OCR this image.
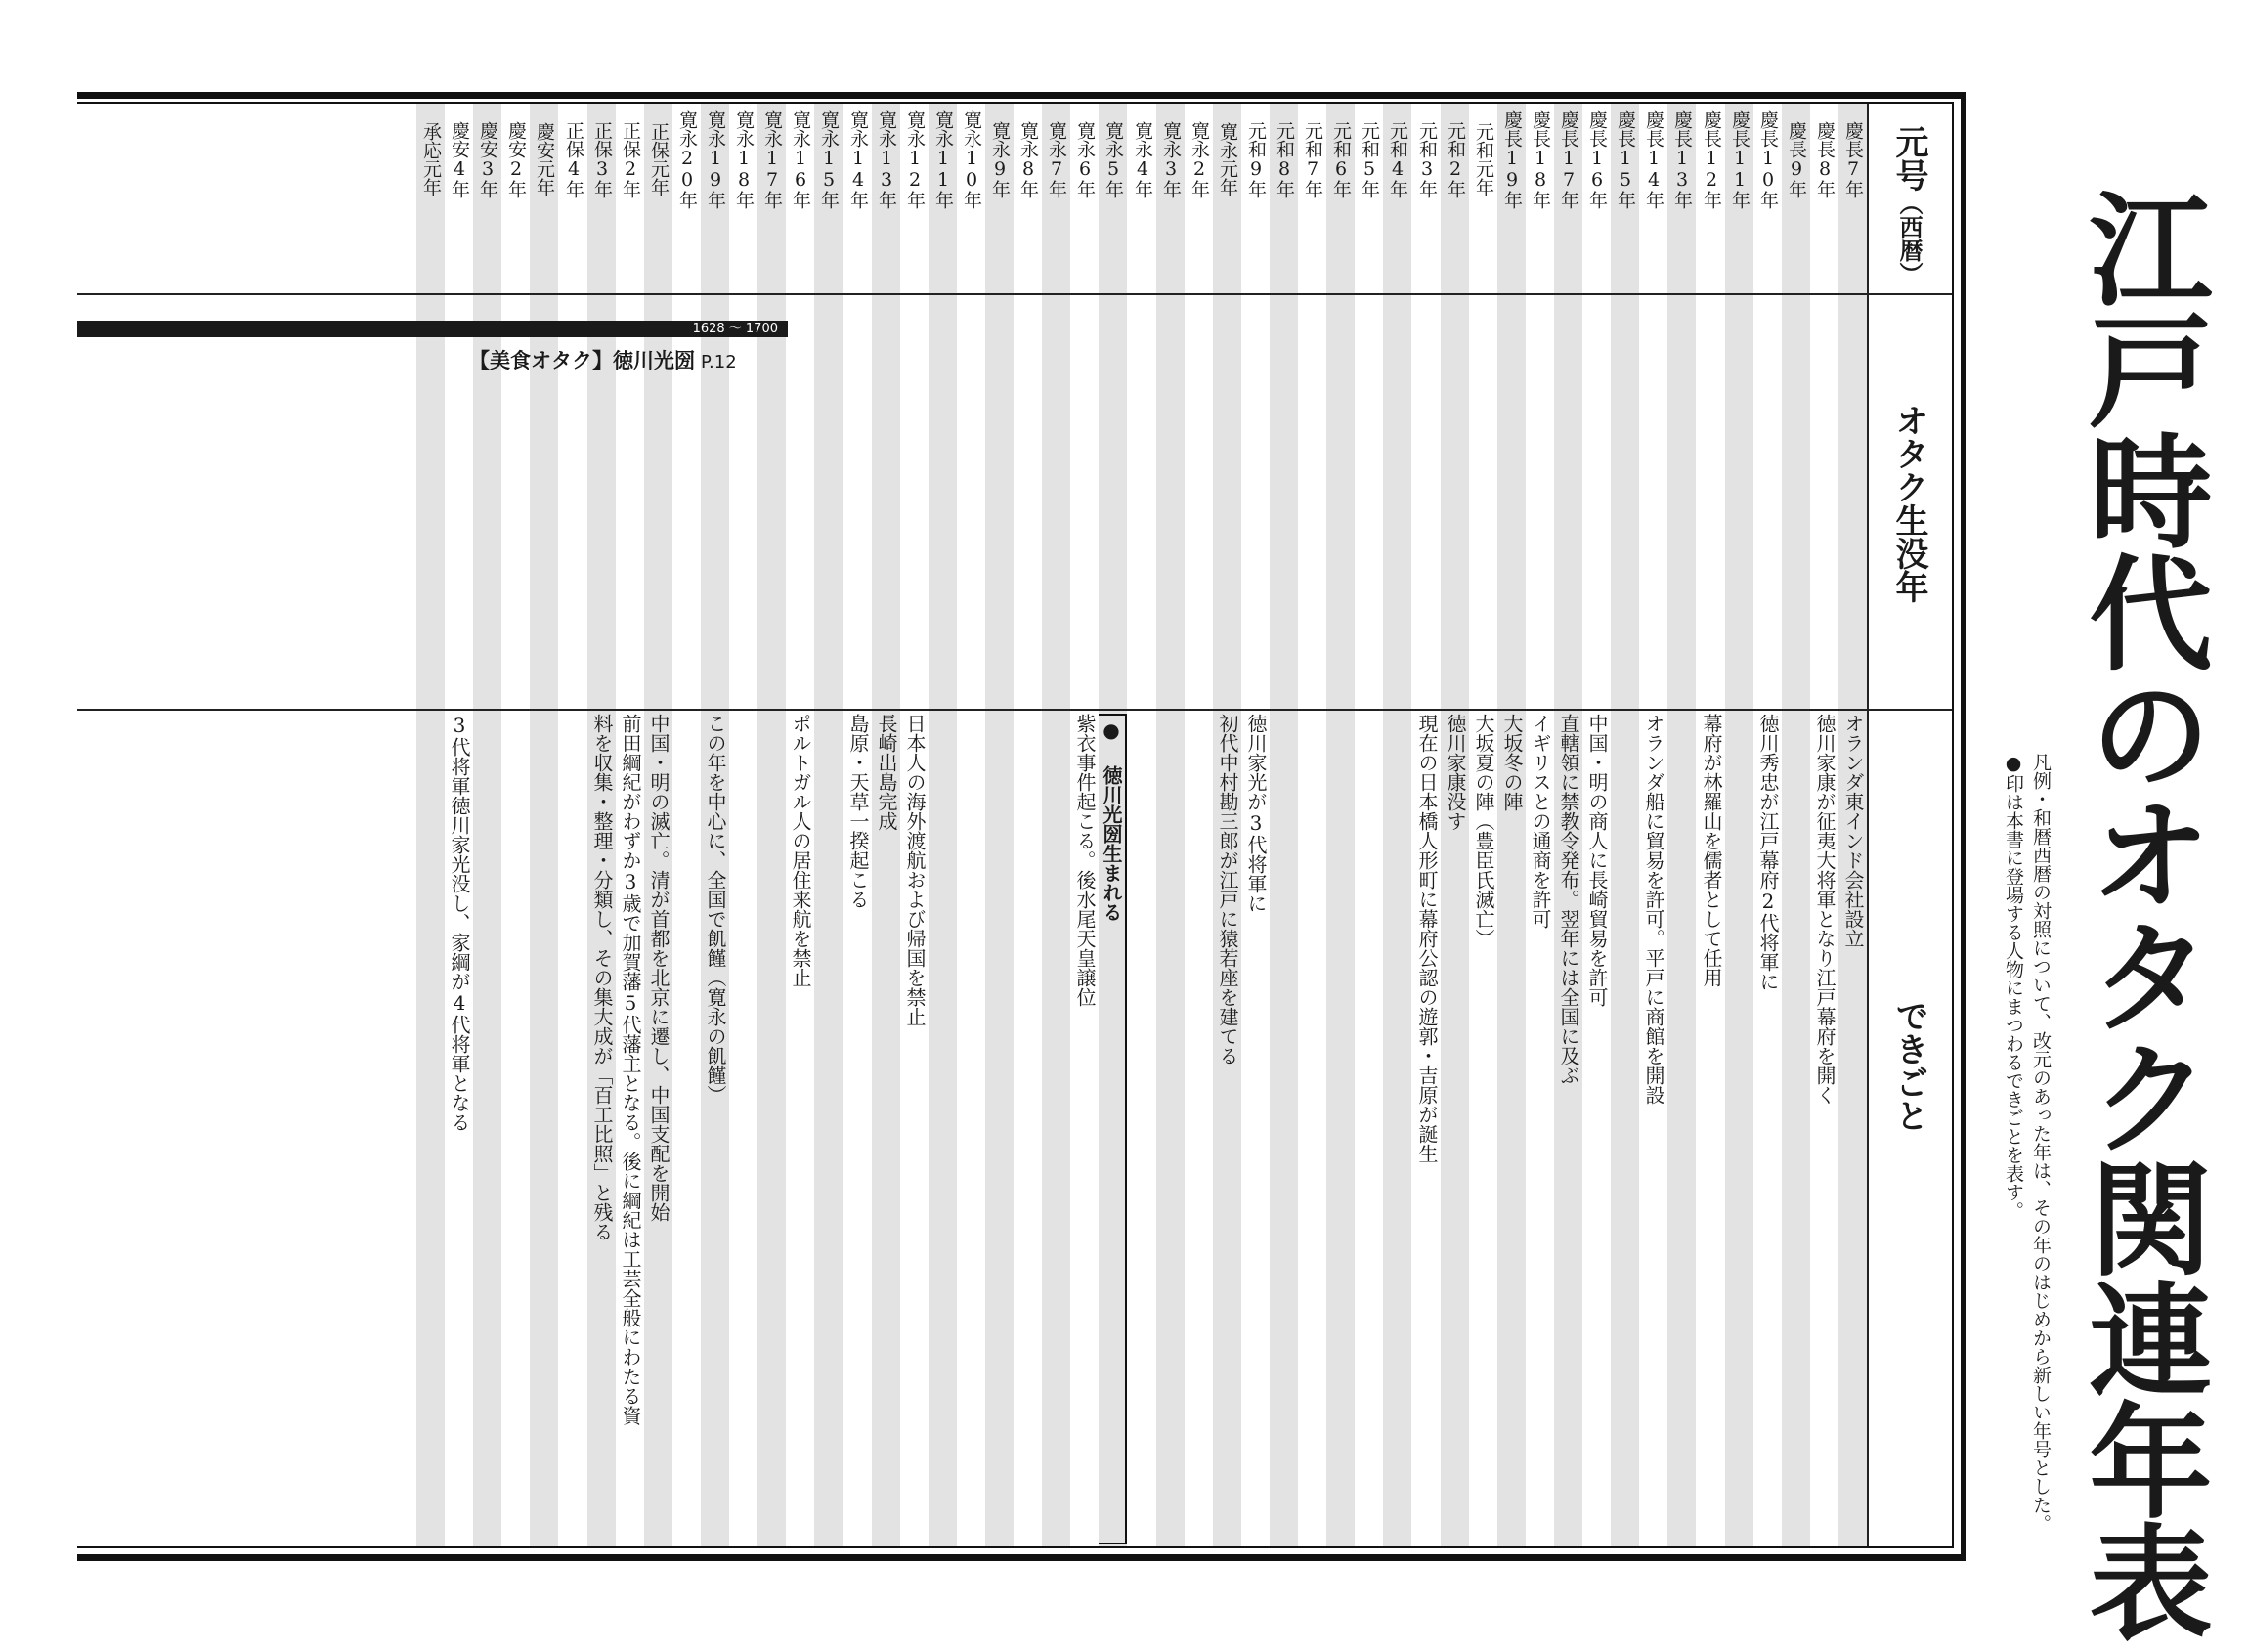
江戸時代のオタク関連年表
凡例・和暦西暦の対照について、改元のあった年は、その年のはじめから新しい年号とした。
●印は本書に登場する人物にまつわるできごとを表す。
元号（西暦）
オタク生没年
できごと
1628 〜 1700
【美食オタク】徳川光圀 P.12
慶長7年
オランダ東インド会社設立
慶長8年
徳川家康が征夷大将軍となり江戸幕府を開く
慶長9年
慶長10年
徳川秀忠が江戸幕府2代将軍に
慶長11年
慶長12年
幕府が林羅山を儒者として任用
慶長13年
慶長14年
オランダ船に貿易を許可。平戸に商館を開設
慶長15年
慶長16年
中国・明の商人に長崎貿易を許可
慶長17年
直轄領に禁教令発布。翌年には全国に及ぶ
慶長18年
イギリスとの通商を許可
慶長19年
大坂冬の陣
元和元年
大坂夏の陣（豊臣氏滅亡）
元和2年
徳川家康没す
元和3年
現在の日本橋人形町に幕府公認の遊郭・吉原が誕生
元和4年
元和5年
元和6年
元和7年
元和8年
元和9年
徳川家光が3代将軍に
寛永元年
初代中村勘三郎が江戸に猿若座を建てる
寛永2年
寛永3年
寛永4年
寛永5年
● 徳川光圀生まれる
寛永6年
紫衣事件起こる。後水尾天皇譲位
寛永7年
寛永8年
寛永9年
寛永10年
寛永11年
寛永12年
日本人の海外渡航および帰国を禁止
寛永13年
長崎出島完成
寛永14年
島原・天草一揆起こる
寛永15年
寛永16年
ポルトガル人の居住来航を禁止
寛永17年
寛永18年
寛永19年
この年を中心に、全国で飢饉（寛永の飢饉）
寛永20年
正保元年
中国・明の滅亡。清が首都を北京に遷し、中国支配を開始
正保2年
前田綱紀がわずか3歳で加賀藩5代藩主となる。後に綱紀は工芸全般にわたる資
正保3年
料を収集・整理・分類し、その集大成が「百工比照」と残る
正保4年
慶安元年
慶安2年
慶安3年
慶安4年
3代将軍徳川家光没し、家綱が4代将軍となる
承応元年
